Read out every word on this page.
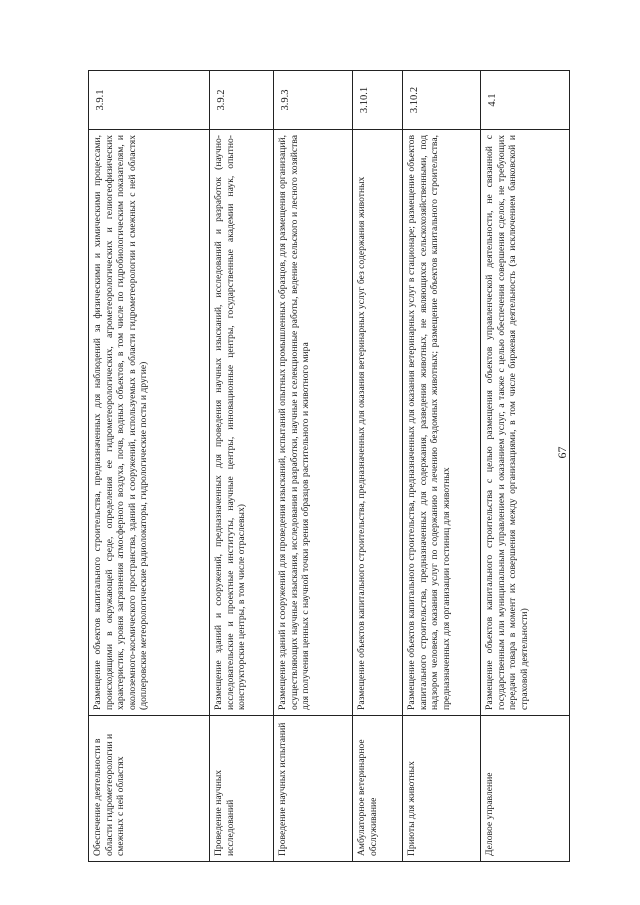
67
Обеспечение деятельности в области гидрометеорологии и смежных с ней областях	Размещение объектов капитального строительства, предназначенных для наблюдений за физическими и химическими процессами, происходящими в окружающей среде, определения ее гидрометеорологических, агрометеорологических и гелиогеофизических характеристик, уровня загрязнения атмосферного воздуха, почв, водных объектов, в том числе по гидробиологическим показателям, и околоземного-космического пространства, зданий и сооружений, используемых в области гидрометеорологии и смежных с ней областях (доплеровские метеорологические радиолокаторы, гидрологические посты и другие)	3.9.1
Проведение научных исследований	Размещение зданий и сооружений, предназначенных для проведения научных изысканий, исследований и разработок (научно-исследовательские и проектные институты, научные центры, инновационные центры, государственные академии наук, опытно-конструкторские центры, в том числе отраслевых)	3.9.2
Проведение научных испытаний	Размещение зданий и сооружений для проведения изысканий, испытаний опытных промышленных образцов, для размещения организаций, осуществляющих научные изыскания, исследования и разработки, научные и селекционные работы, ведение сельского и лесного хозяйства для получения ценных с научной точки зрения образцов растительного и животного мира	3.9.3
Амбулаторное ветеринарное обслуживание	Размещение объектов капитального строительства, предназначенных для оказания ветеринарных услуг без содержания животных	3.10.1
Приюты для животных	Размещение объектов капитального строительства, предназначенных для оказания ветеринарных услуг в стационаре; размещение объектов капитального строительства, предназначенных для содержания, разведения животных, не являющихся сельскохозяйственными, под надзором человека, оказания услуг по содержанию и лечению бездомных животных; размещение объектов капитального строительства, предназначенных для организации гостиниц для животных	3.10.2
Деловое управление	Размещение объектов капитального строительства с целью размещения объектов управленческой деятельности, не связанной с государственным или муниципальным управлением и оказанием услуг, а также с целью обеспечения совершения сделок, не требующих передачи товара в момент их совершения между организациями, в том числе биржевая деятельность (за исключением банковской и страховой деятельности)	4.1
